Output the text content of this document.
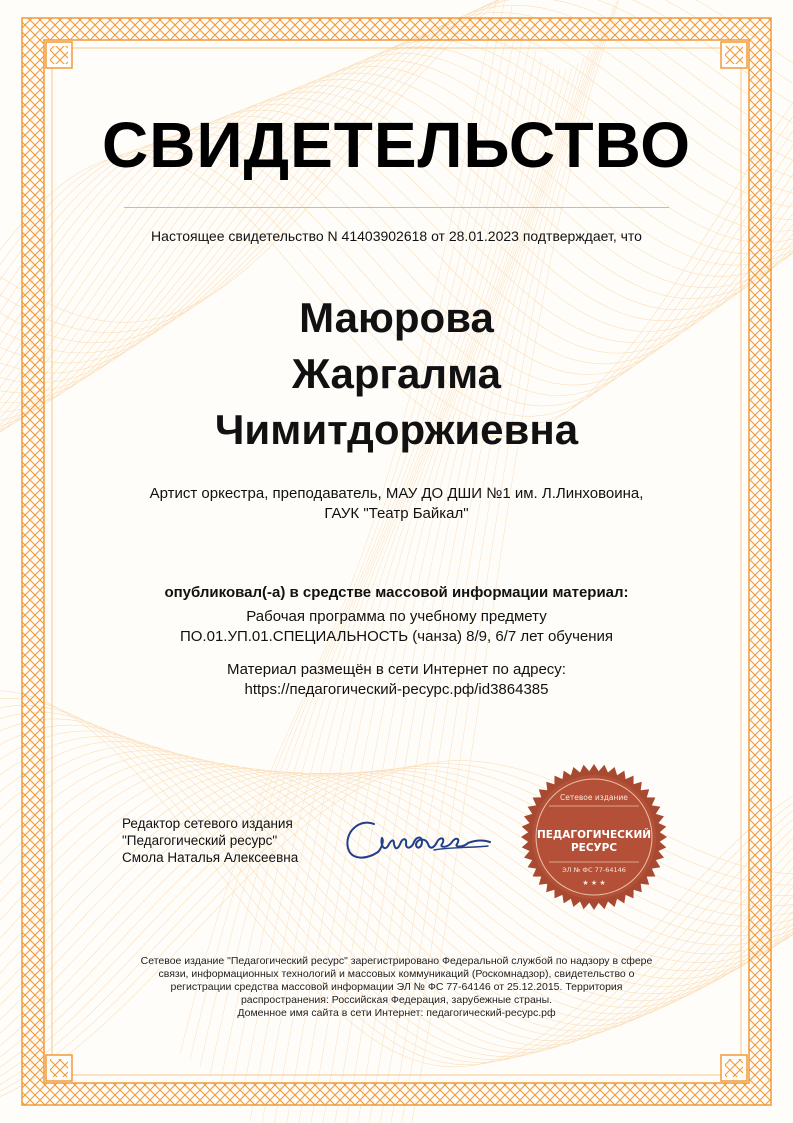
СВИДЕТЕЛЬСТВО
Настоящее свидетельство N 41403902618 от 28.01.2023 подтверждает, что
Маюрова
Жаргалма
Чимитдоржиевна
Артист оркестра, преподаватель, МАУ ДО ДШИ №1 им. Л.Линховоина,
ГАУК "Театр Байкал"
опубликовал(-а) в средстве массовой информации материал:
Рабочая программа по учебному предмету
ПО.01.УП.01.СПЕЦИАЛЬНОСТЬ (чанза) 8/9, 6/7 лет обучения
Материал размещён в сети Интернет по адресу:
https://педагогический-ресурс.рф/id3864385
Редактор сетевого издания
"Педагогический ресурс"
Смола Наталья Алексеевна
Сетевое издание
ПЕДАГОГИЧЕСКИЙ
РЕСУРС
ЭЛ № ФС 77-64146
★ ★ ★
Сетевое издание "Педагогический ресурс" зарегистрировано Федеральной службой по надзору в сфере
связи, информационных технологий и массовых коммуникаций (Роскомнадзор), свидетельство о
регистрации средства массовой информации ЭЛ № ФС 77-64146 от 25.12.2015. Территория
распространения: Российская Федерация, зарубежные страны.
Доменное имя сайта в сети Интернет: педагогический-ресурс.рф
